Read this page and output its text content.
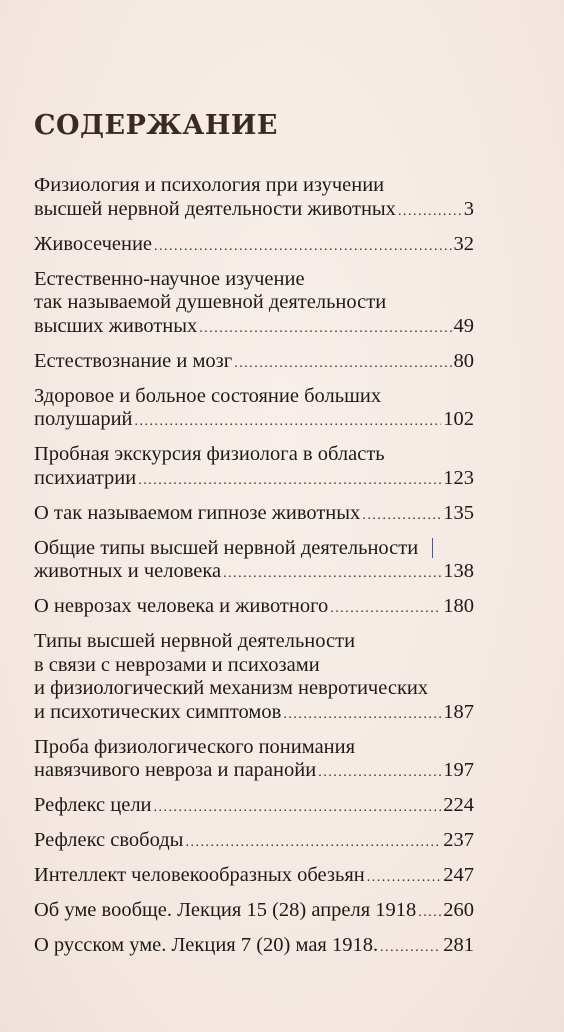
СОДЕРЖАНИЕ
Физиология и психология при изучении
высшей нервной деятельности животных .....	3
Живосечение .....	32
Естественно-научное изучение
так называемой душевной деятельности
высших животных .....	49
Естествознание и мозг .....	80
Здоровое и больное состояние больших
полушарий .....	102
Пробная экскурсия физиолога в область
психиатрии .....	123
О так называемом гипнозе животных .....	135
Общие типы высшей нервной деятельности
животных и человека .....	138
О неврозах человека и животного .....	180
Типы высшей нервной деятельности
в связи с неврозами и психозами
и физиологический механизм невротических
и психотических симптомов .....	187
Проба физиологического понимания
навязчивого невроза и паранойи .....	197
Рефлекс цели .....	224
Рефлекс свободы .....	237
Интеллект человекообразных обезьян .....	247
Об уме вообще. Лекция 15 (28) апреля 1918 ..... 260
О русском уме. Лекция 7 (20) мая 1918. .....	281
